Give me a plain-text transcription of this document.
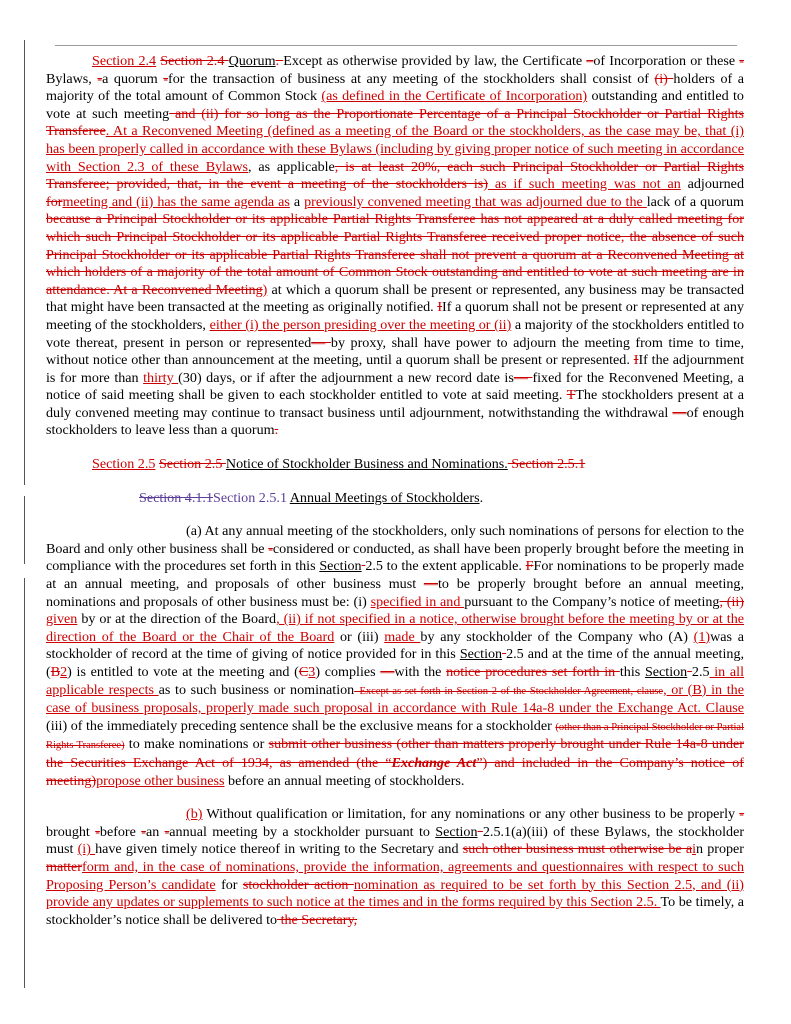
Section 2.4 Section 2.4 Quorum. Except as otherwise provided by law, the Certificate –of Incorporation or these -Bylaws, -a quorum -for the transaction of business at any meeting of the stockholders shall consist of (i) holders of a majority of the total amount of Common Stock (as defined in the Certificate of Incorporation) outstanding and entitled to vote at such meeting and (ii) for so long as the Proportionate Percentage of a Principal Stockholder or Partial Rights Transferee. At a Reconvened Meeting (defined as a meeting of the Board or the stockholders, as the case may be, that (i) has been properly called in accordance with these Bylaws (including by giving proper notice of such meeting in accordance with Section 2.3 of these Bylaws, as applicable, is at least 20%, each such Principal Stockholder or Partial Rights Transferee; provided, that, in the event a meeting of the stockholders is) as if such meeting was not an adjourned formeeting and (ii) has the same agenda as a previously convened meeting that was adjourned due to the lack of a quorum because a Principal Stockholder or its applicable Partial Rights Transferee has not appeared at a duly called meeting for which such Principal Stockholder or its applicable Partial Rights Transferee received proper notice, the absence of such Principal Stockholder or its applicable Partial Rights Transferee shall not prevent a quorum at a Reconvened Meeting at which holders of a majority of the total amount of Common Stock outstanding and entitled to vote at such meeting are in attendance. At a Reconvened Meeting) at which a quorum shall be present or represented, any business may be transacted that might have been transacted at the meeting as originally notified. IIf a quorum shall not be present or represented at any meeting of the stockholders, either (i) the person presiding over the meeting or (ii) a majority of the stockholders entitled to vote thereat, present in person or represented— by proxy, shall have power to adjourn the meeting from time to time, without notice other than announcement at the meeting, until a quorum shall be present or represented. IIf the adjournment is for more than thirty (30) days, or if after the adjournment a new record date is— fixed for the Reconvened Meeting, a notice of said meeting shall be given to each stockholder entitled to vote at said meeting. TThe stockholders present at a duly convened meeting may continue to transact business until adjournment, notwithstanding the withdrawal —of enough stockholders to leave less than a quorum.

Section 2.5 Section 2.5 Notice of Stockholder Business and Nominations. Section 2.5.1

Section 4.1.1Section 2.5.1 Annual Meetings of Stockholders.

(a) At any annual meeting of the stockholders, only such nominations of persons for election to the Board and only other business shall be -considered or conducted, as shall have been properly brought before the meeting in compliance with the procedures set forth in this Section 2.5 to the extent applicable. FFor nominations to be properly made at an annual meeting, and proposals of other business must —to be properly brought before an annual meeting, nominations and proposals of other business must be: (i) specified in and pursuant to the Company’s notice of meeting, (ii) given by or at the direction of the Board, (ii) if not specified in a notice, otherwise brought before the meeting by or at the direction of the Board or the Chair of the Board or (iii) made by any stockholder of the Company who (A) (1)was a stockholder of record at the time of giving of notice provided for in this Section 2.5 and at the time of the annual meeting, (B2) is entitled to vote at the meeting and (C3) complies —with the notice procedures set forth in this Section 2.5 in all applicable respects as to such business or nomination–Except as set forth in Section 2 of the Stockholder Agreement, clause, or (B) in the case of business proposals, properly made such proposal in accordance with Rule 14a-8 under the Exchange Act. Clause (iii) of the immediately preceding sentence shall be the exclusive means for a stockholder (other than a Principal Stockholder or Partial Rights Transferee) to make nominations or submit other business (other than matters properly brought under Rule 14a-8 under the Securities Exchange Act of 1934, as amended (the “Exchange Act”) and included in the Company’s notice of meeting)propose other business before an annual meeting of stockholders.

(b) Without qualification or limitation, for any nominations or any other business to be properly -brought -before -an -annual meeting by a stockholder pursuant to Section 2.5.1(a)(iii) of these Bylaws, the stockholder must (i) have given timely notice thereof in writing to the Secretary and such other business must otherwise be ain proper matterform and, in the case of nominations, provide the information, agreements and questionnaires with respect to such Proposing Person’s candidate for stockholder action nomination as required to be set forth by this Section 2.5, and (ii) provide any updates or supplements to such notice at the times and in the forms required by this Section 2.5. To be timely, a stockholder’s notice shall be delivered to the Secretary,
